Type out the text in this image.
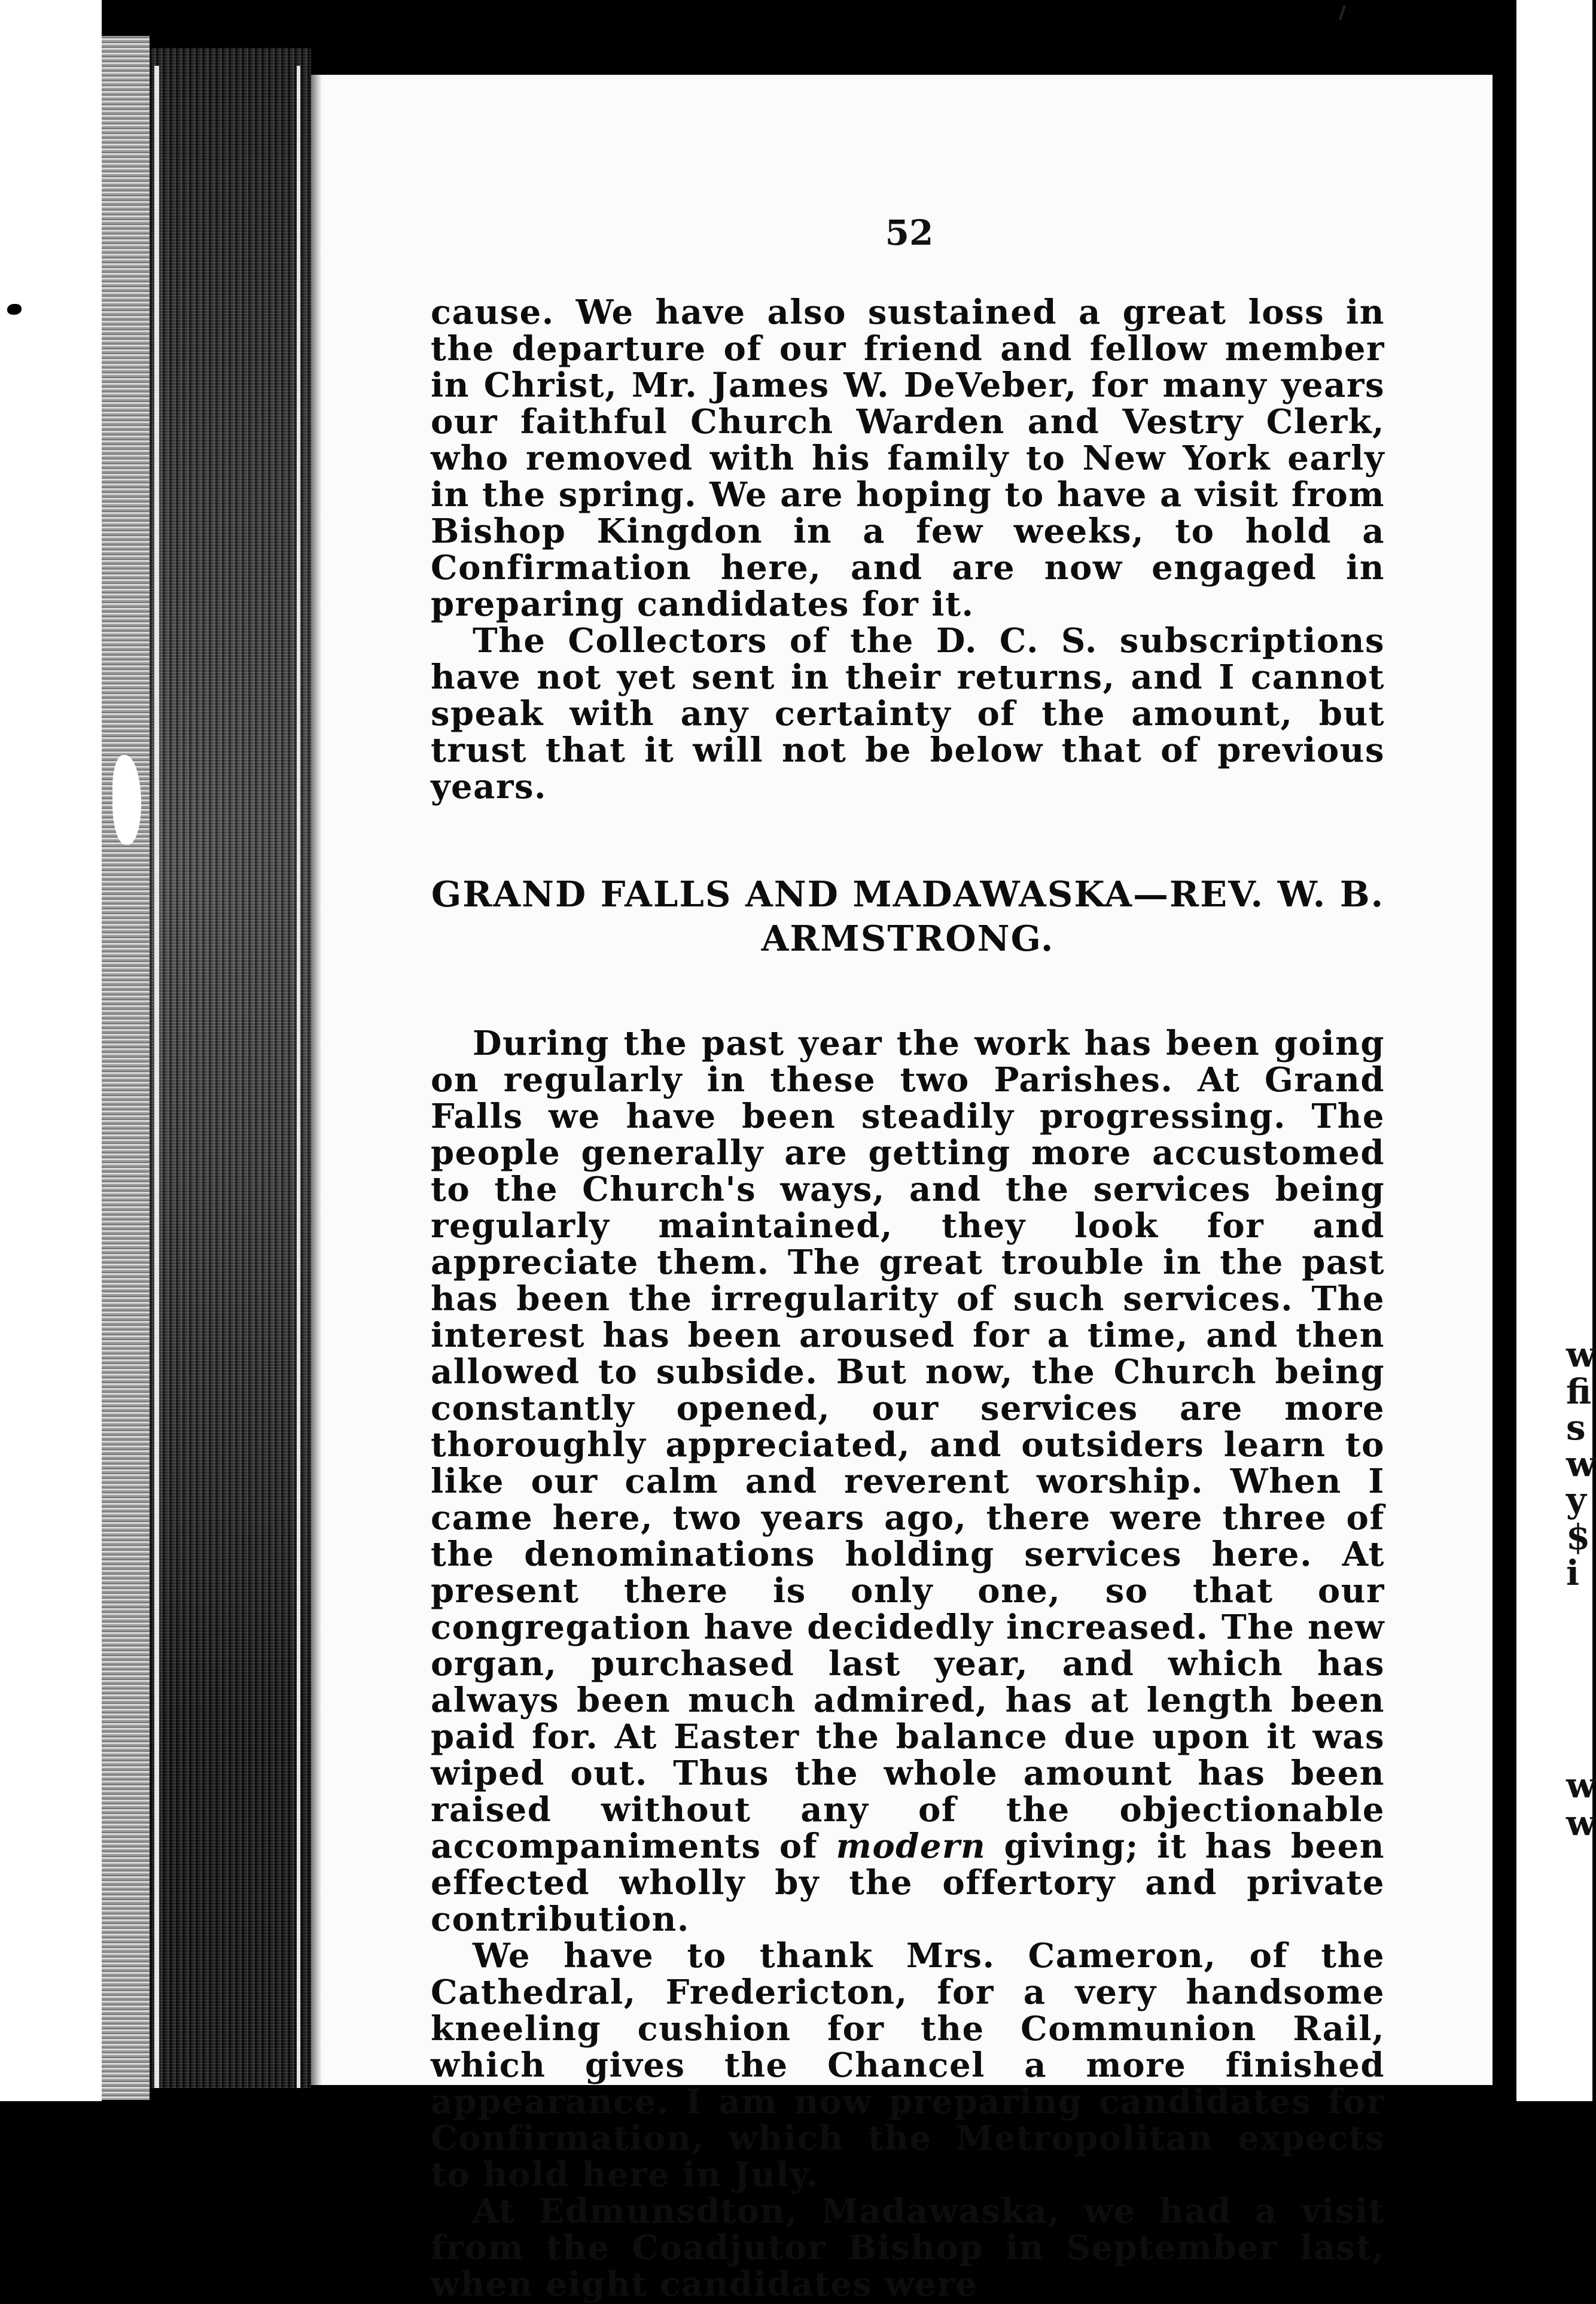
52

cause. We have also sustained a great loss in the departure of our friend and fellow member in Christ, Mr. James W. DeVeber, for many years our faithful Church Warden and Vestry Clerk, who removed with his family to New York early in the spring. We are hoping to have a visit from Bishop Kingdon in a few weeks, to hold a Confirmation here, and are now engaged in preparing candidates for it.

The Collectors of the D. C. S. subscriptions have not yet sent in their returns, and I cannot speak with any certainty of the amount, but trust that it will not be below that of previous years.

GRAND FALLS AND MADAWASKA—REV. W. B. ARMSTRONG.

During the past year the work has been going on regularly in these two Parishes. At Grand Falls we have been steadily progressing. The people generally are getting more accustomed to the Church's ways, and the services being regularly maintained, they look for and appreciate them. The great trouble in the past has been the irregularity of such services. The interest has been aroused for a time, and then allowed to subside. But now, the Church being constantly opened, our services are more thoroughly appreciated, and outsiders learn to like our calm and reverent worship. When I came here, two years ago, there were three of the denominations holding services here. At present there is only one, so that our congregation have decidedly increased. The new organ, purchased last year, and which has always been much admired, has at length been paid for. At Easter the balance due upon it was wiped out. Thus the whole amount has been raised without any of the objectionable accompaniments of modern giving; it has been effected wholly by the offertory and private contribution.

We have to thank Mrs. Cameron, of the Cathedral, Fredericton, for a very handsome kneeling cushion for the Communion Rail, which gives the Chancel a more finished appearance. I am now preparing candidates for Confirmation, which the Metropolitan expects to hold here in July.

At Edmunsdton, Madawaska, we had a visit from the Coadjutor Bishop in September last, when eight candidates were

w
fi
s
w
y
$
i
w
w
